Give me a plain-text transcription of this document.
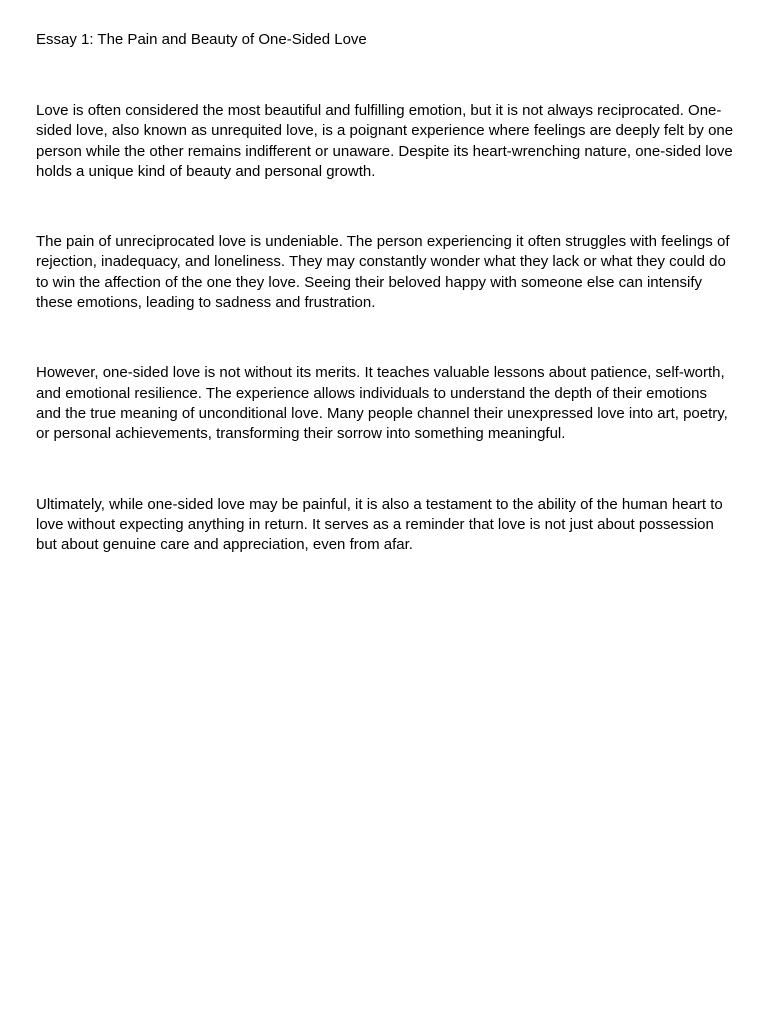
Essay 1: The Pain and Beauty of One-Sided Love

Love is often considered the most beautiful and fulfilling emotion, but it is not always reciprocated. One-sided love, also known as unrequited love, is a poignant experience where feelings are deeply felt by one person while the other remains indifferent or unaware. Despite its heart-wrenching nature, one-sided love holds a unique kind of beauty and personal growth.

The pain of unreciprocated love is undeniable. The person experiencing it often struggles with feelings of rejection, inadequacy, and loneliness. They may constantly wonder what they lack or what they could do to win the affection of the one they love. Seeing their beloved happy with someone else can intensify these emotions, leading to sadness and frustration.

However, one-sided love is not without its merits. It teaches valuable lessons about patience, self-worth, and emotional resilience. The experience allows individuals to understand the depth of their emotions and the true meaning of unconditional love. Many people channel their unexpressed love into art, poetry, or personal achievements, transforming their sorrow into something meaningful.

Ultimately, while one-sided love may be painful, it is also a testament to the ability of the human heart to love without expecting anything in return. It serves as a reminder that love is not just about possession but about genuine care and appreciation, even from afar.
